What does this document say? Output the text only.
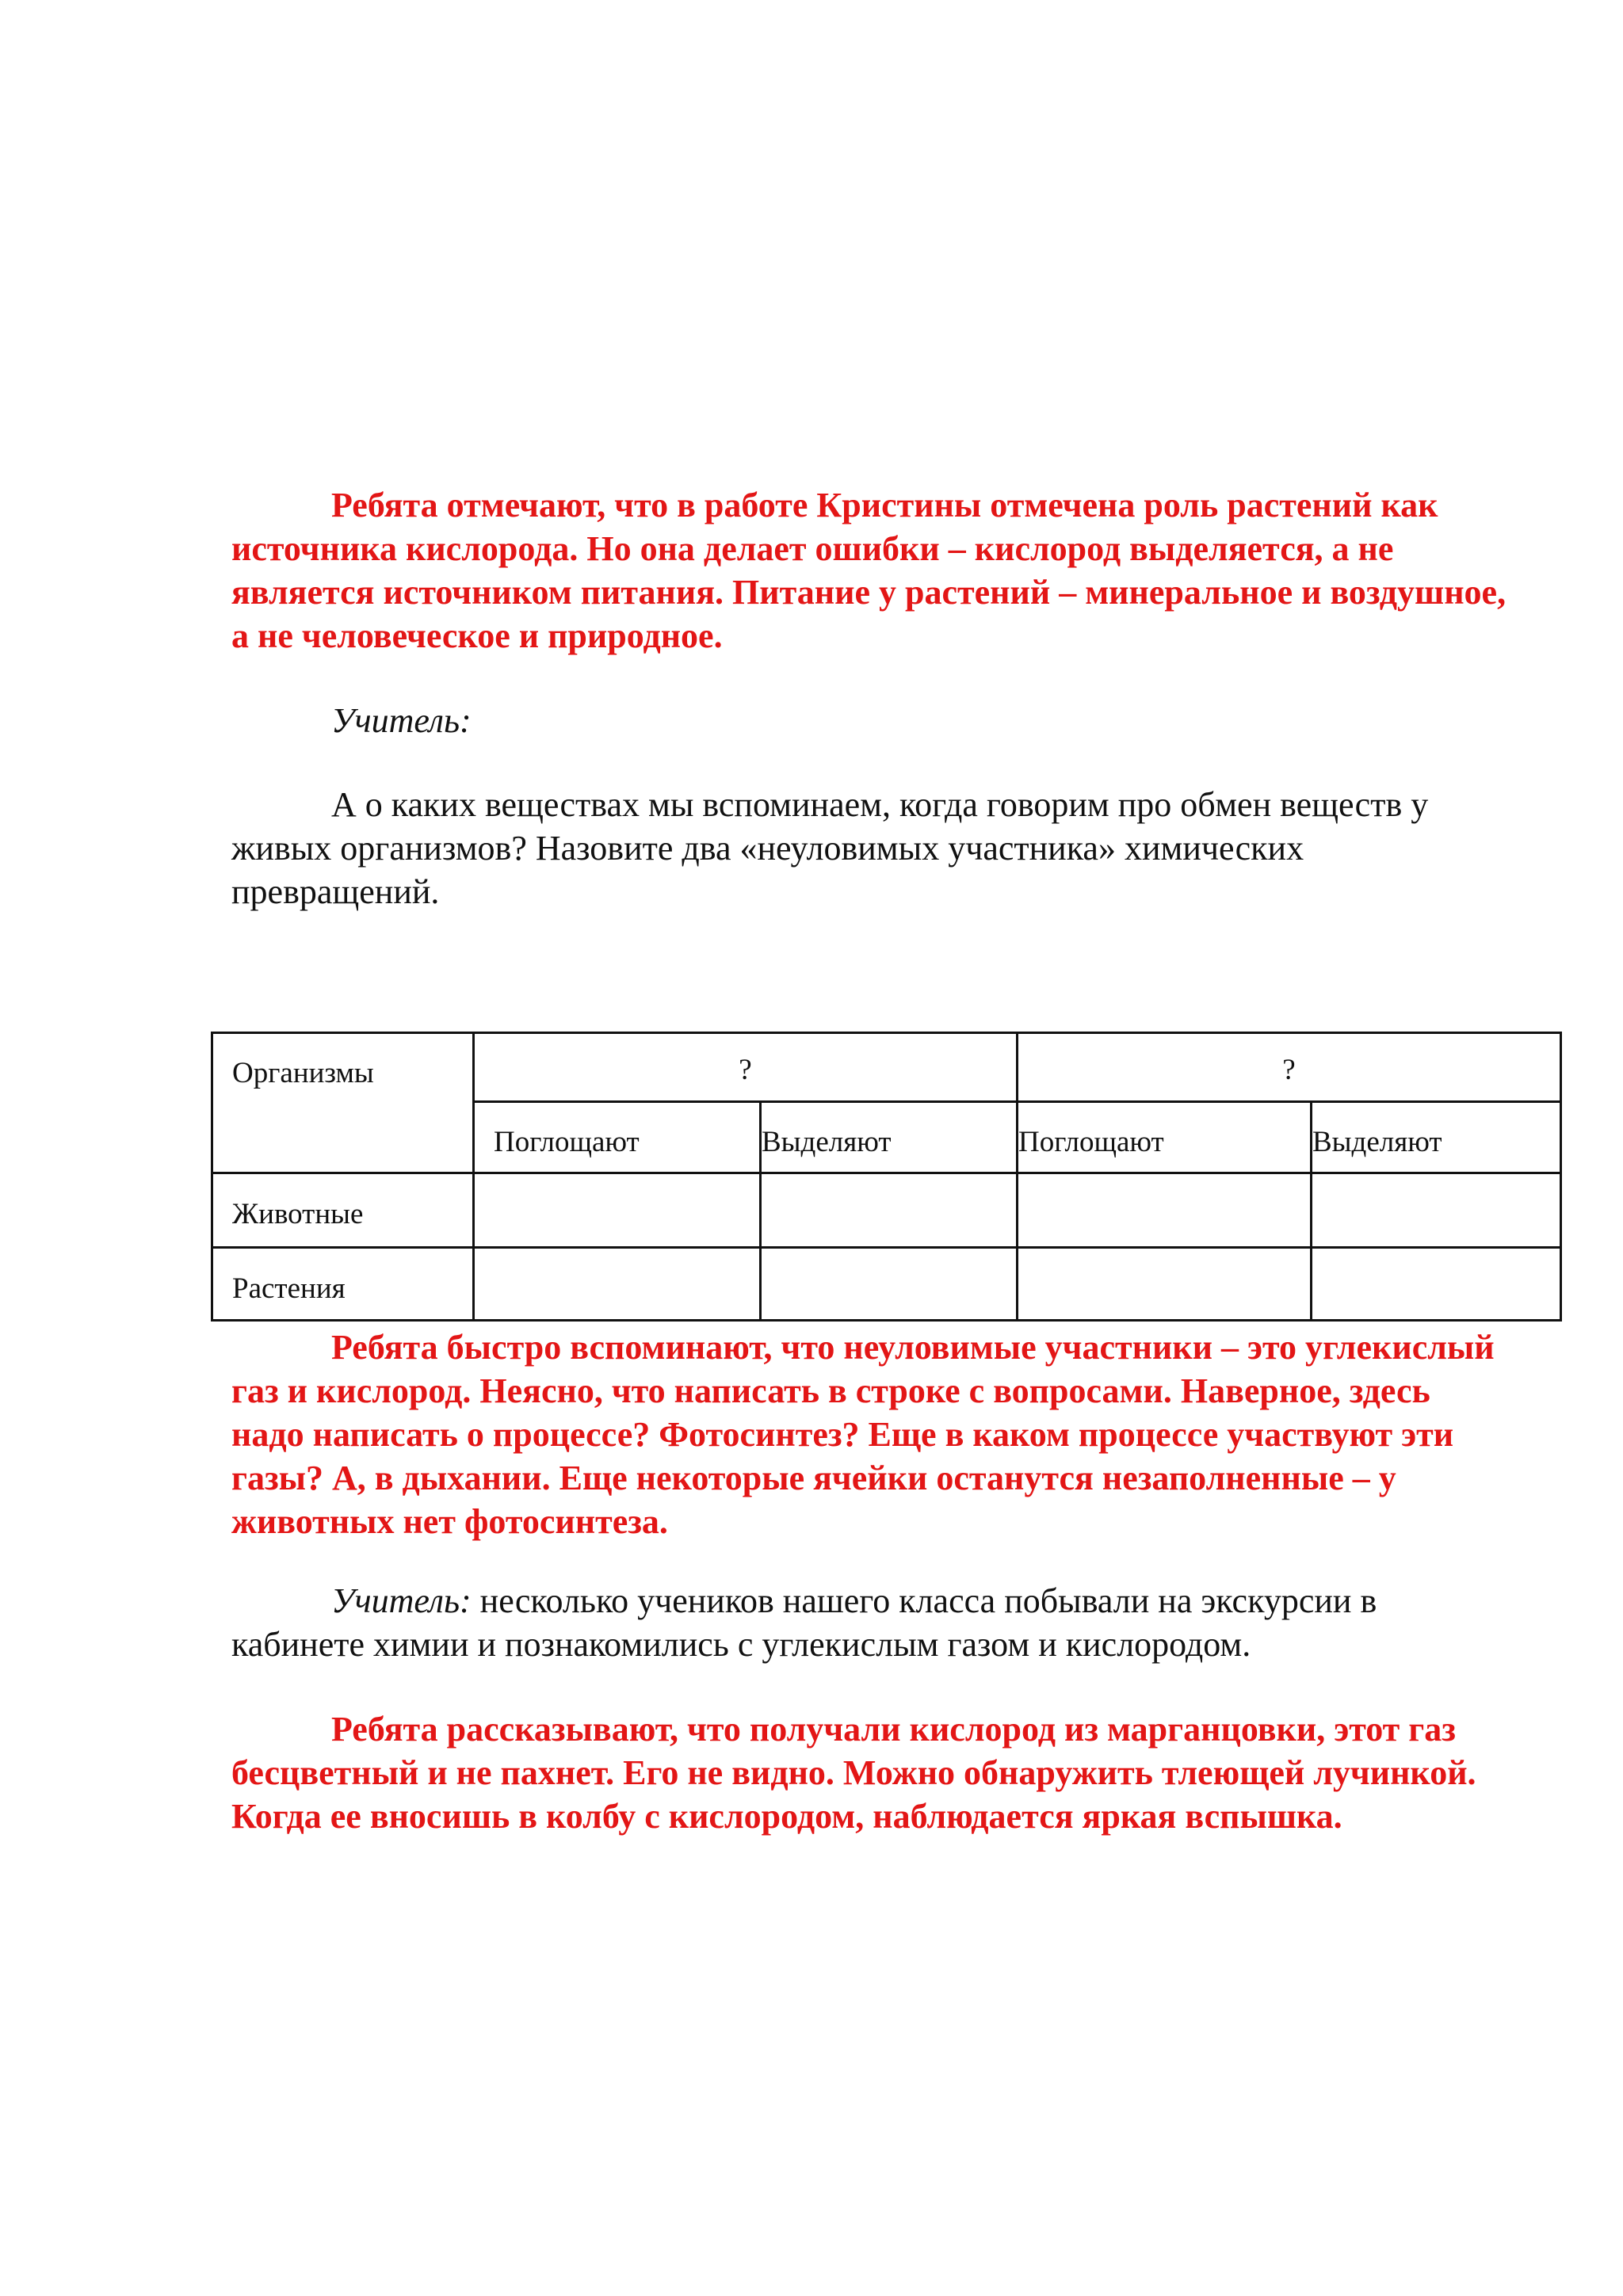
Ребята отмечают, что в работе Кристины отмечена роль растений как источника кислорода. Но она делает ошибки – кислород выделяется, а не является источником питания. Питание у растений – минеральное и воздушное, а не человеческое и природное.

Учитель:

А о каких веществах мы вспоминаем, когда говорим про обмен веществ у живых организмов? Назовите два «неуловимых участника» химических превращений.

Организмы	?	?
Поглощают	Выделяют	Поглощают	Выделяют
Животные
Растения

Ребята быстро вспоминают, что неуловимые участники – это углекислый газ и кислород. Неясно, что написать в строке с вопросами. Наверное, здесь надо написать о процессе? Фотосинтез? Еще в каком процессе участвуют эти газы? А, в дыхании. Еще некоторые ячейки останутся незаполненные – у животных нет фотосинтеза.

Учитель: несколько учеников нашего класса побывали на экскурсии в кабинете химии и познакомились с углекислым газом и кислородом.

Ребята рассказывают, что получали кислород из марганцовки, этот газ бесцветный и не пахнет. Его не видно. Можно обнаружить тлеющей лучинкой. Когда ее вносишь в колбу с кислородом, наблюдается яркая вспышка.
